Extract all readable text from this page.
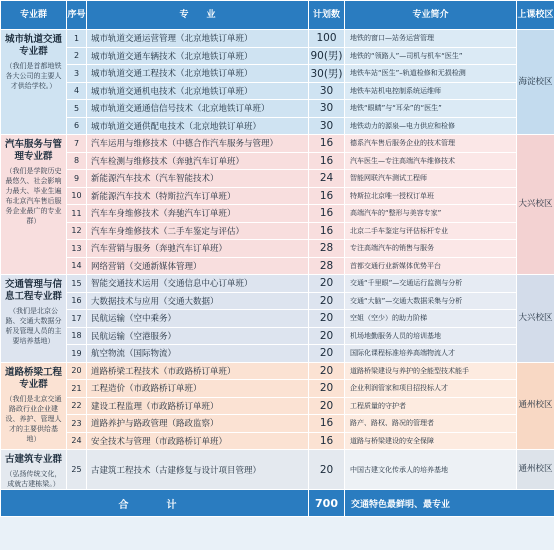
专业群	序号	专　　业	计划数	专业简介	上课校区

城市轨道交通专业群
（我们是首都地铁各大公司的主要人才供给学校。）	1	城市轨道交通运营管理（北京地铁订单班）	100	地铁的窗口—站务运营管理	海淀校区
	2	城市轨道交通车辆技术（北京地铁订单班）	90(男)	地铁的“领路人”—司机与机车“医生”	
	3	城市轨道交通工程技术（北京地铁订单班）	30(男)	地铁车站“医生”–轨道检修和无损检测	
	4	城市轨道交通机电技术（北京地铁订单班）	30	地铁车站机电控制系统运维师	
	5	城市轨道交通通信信号技术（北京地铁订单班）	30	地铁“眼睛”与“耳朵”的“医生”	
	6	城市轨道交通供配电技术（北京地铁订单班）	30	地铁动力的源泉—电力供应和检修	

汽车服务与管理专业群
（我们是学院历史最悠久、社会影响力最大、毕业生遍布北京汽车售后服务企业最广的专业群）	7	汽车运用与维修技术（中德合作汽车服务与管理）	16	德系汽车售后服务企业的技术管理	大兴校区
	8	汽车检测与维修技术（奔驰汽车订单班）	16	汽车医生—专注高端汽车维修技术	
	9	新能源汽车技术（汽车智能技术）	24	智能网联汽车测试工程师	
	10	新能源汽车技术（特斯拉汽车订单班）	16	特斯拉北京唯一授权订单班	
	11	汽车车身维修技术（奔驰汽车订单班）	16	高端汽车的“整形与美容专家”	
	12	汽车车身维修技术（二手车鉴定与评估）	16	北京二手车鉴定与评估标杆专业	
	13	汽车营销与服务（奔驰汽车订单班）	28	专注高端汽车的销售与服务	
	14	网络营销（交通新媒体管理）	28	首都交通行业新媒体优势平台	

交通管理与信息工程专业群
（我们是北京公路、交通大数据分析及管理人员的主要培养基地）	15	智能交通技术运用（交通信息中心订单班）	20	交通“千里眼”—交通运行监测与分析	大兴校区
	16	大数据技术与应用（交通大数据）	20	交通“大脑”—交通大数据采集与分析	
	17	民航运输（空中乘务）	20	空姐（空少）的助力阶梯	
	18	民航运输（空港服务）	20	机场地勤服务人员的培训基地	
	19	航空物流（国际物流）	20	国际化课程标准培养高端物流人才	

道路桥梁工程专业群
（我们是北京交通路政行业企业建设、养护、管理人才的主要供给基地）	20	道路桥梁工程技术（市政路桥订单班）	20	道路桥梁建设与养护的全能型技术能手	通州校区
	21	工程造价（市政路桥订单班）	20	企业利润管家和项目招投标人才	
	22	建设工程监理（市政路桥订单班）	20	工程质量的守护者	
	23	道路养护与路政管理（路政监察）	16	路产、路权、路况的管理者	
	24	安全技术与管理（市政路桥订单班）	16	道路与桥梁建设的安全保障	

古建筑专业群
（弘扬传统文化，成就古建栋梁。）	25	古建筑工程技术（古建修复与设计项目管理）	20	中国古建文化传承人的培养基地	通州校区
合　计			700	交通特色最鲜明、最专业	
